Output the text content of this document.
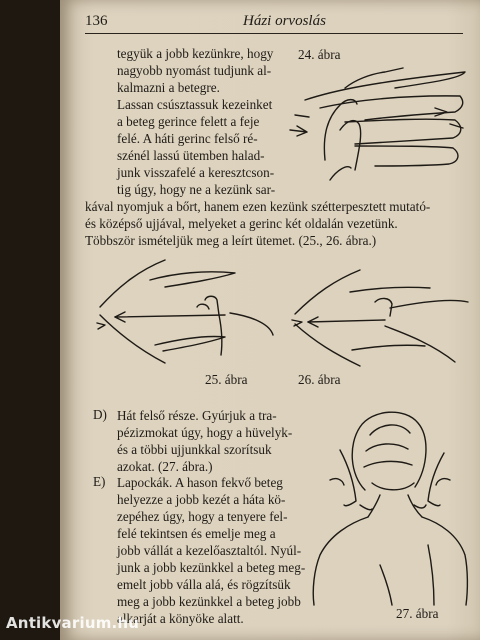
136	Házi orvoslás
tegyük a jobb kezünkre, hogy
nagyobb nyomást tudjunk al-
kalmazni a betegre.
Lassan csúsztassuk kezeinket
a beteg gerince felett a feje
felé. A háti gerinc felső ré-
szénél lassú ütemben halad-
junk visszafelé a keresztcson-
tig úgy, hogy ne a kezünk sar-
24. ábra
kával nyomjuk a bőrt, hanem ezen kezünk szétterpesztett mutató-
és középső ujjával, melyeket a gerinc két oldalán vezetünk.
Többször ismételjük meg a leírt ütemet. (25., 26. ábra.)
25. ábra	26. ábra
D) Hát felső része. Gyúrjuk a tra-
pézizmokat úgy, hogy a hüvelyk-
és a többi ujjunkkal szorítsuk
azokat. (27. ábra.)
E) Lapockák. A hason fekvő beteg
helyezze a jobb kezét a háta kö-
zepéhez úgy, hogy a tenyere fel-
felé tekintsen és emelje meg a
jobb vállát a kezelőasztaltól. Nyúl-
junk a jobb kezünkkel a beteg meg-
emelt jobb válla alá, és rögzítsük
meg a jobb kezünkkel a beteg jobb
alkarját a könyöke alatt.	27. ábra
Antikvarium.hu
